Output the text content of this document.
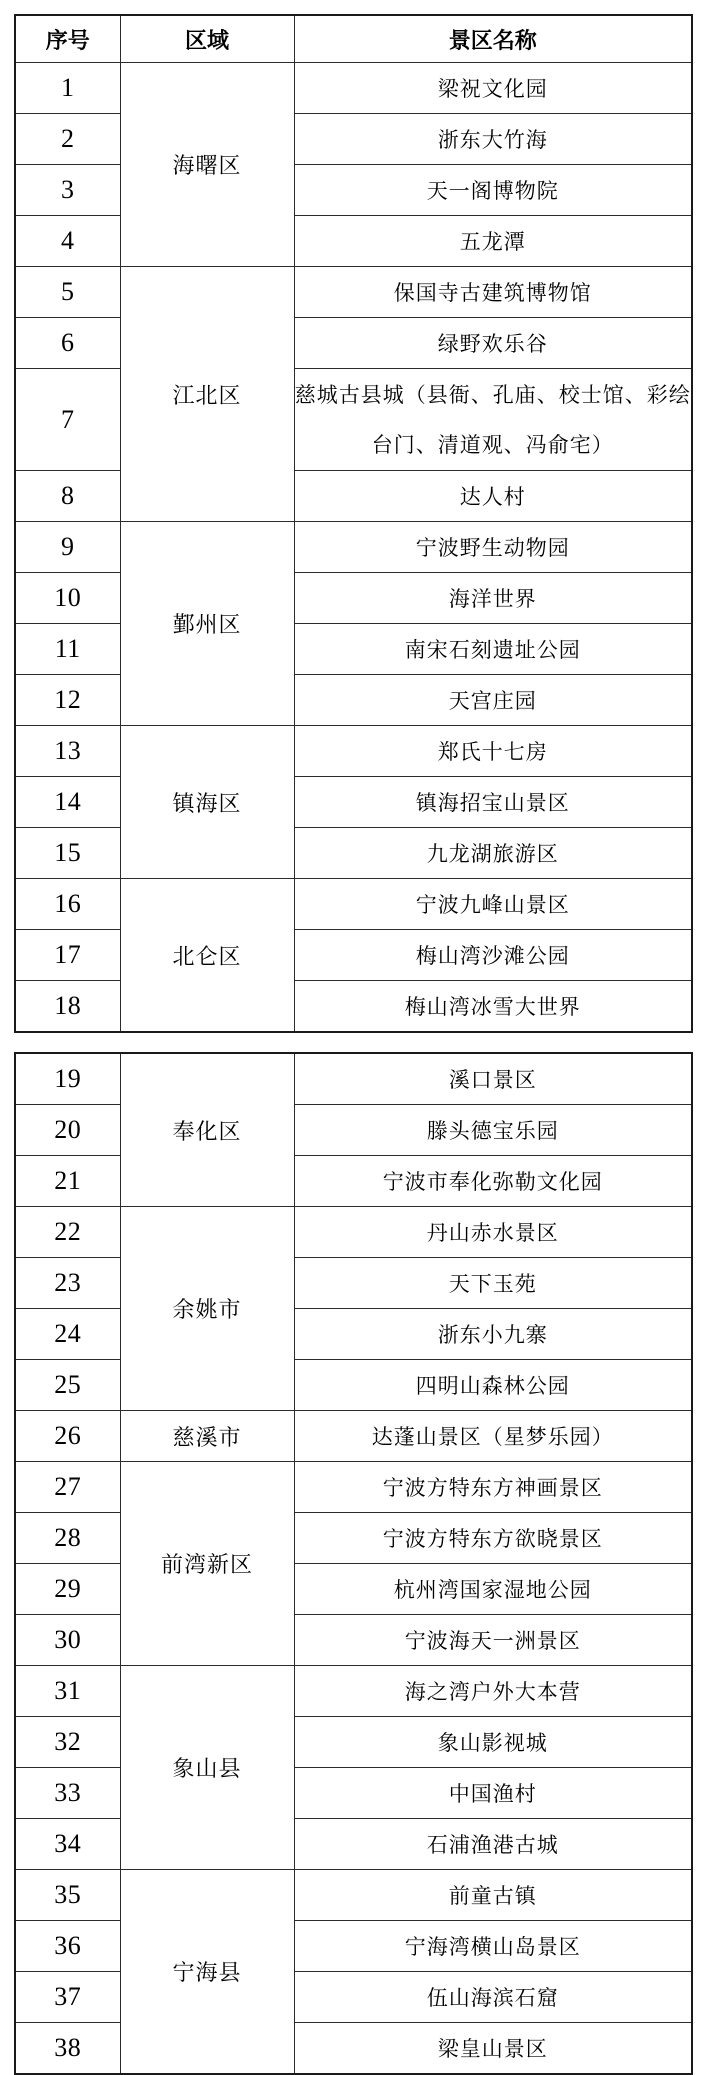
序号	区域	景区名称
1	海曙区	梁祝文化园
2		浙东大竹海
3		天一阁博物院
4		五龙潭
5	江北区	保国寺古建筑博物馆
6		绿野欢乐谷
7		慈城古县城（县衙、孔庙、校士馆、彩绘台门、清道观、冯俞宅）
8		达人村
9	鄞州区	宁波野生动物园
10		海洋世界
11		南宋石刻遗址公园
12		天宫庄园
13	镇海区	郑氏十七房
14		镇海招宝山景区
15		九龙湖旅游区
16	北仑区	宁波九峰山景区
17		梅山湾沙滩公园
18		梅山湾冰雪大世界
19	奉化区	溪口景区
20		滕头德宝乐园
21		宁波市奉化弥勒文化园
22	余姚市	丹山赤水景区
23		天下玉苑
24		浙东小九寨
25		四明山森林公园
26	慈溪市	达蓬山景区（星梦乐园）
27	前湾新区	宁波方特东方神画景区
28		宁波方特东方欲晓景区
29		杭州湾国家湿地公园
30		宁波海天一洲景区
31	象山县	海之湾户外大本营
32		象山影视城
33		中国渔村
34		石浦渔港古城
35	宁海县	前童古镇
36		宁海湾横山岛景区
37		伍山海滨石窟
38		梁皇山景区
